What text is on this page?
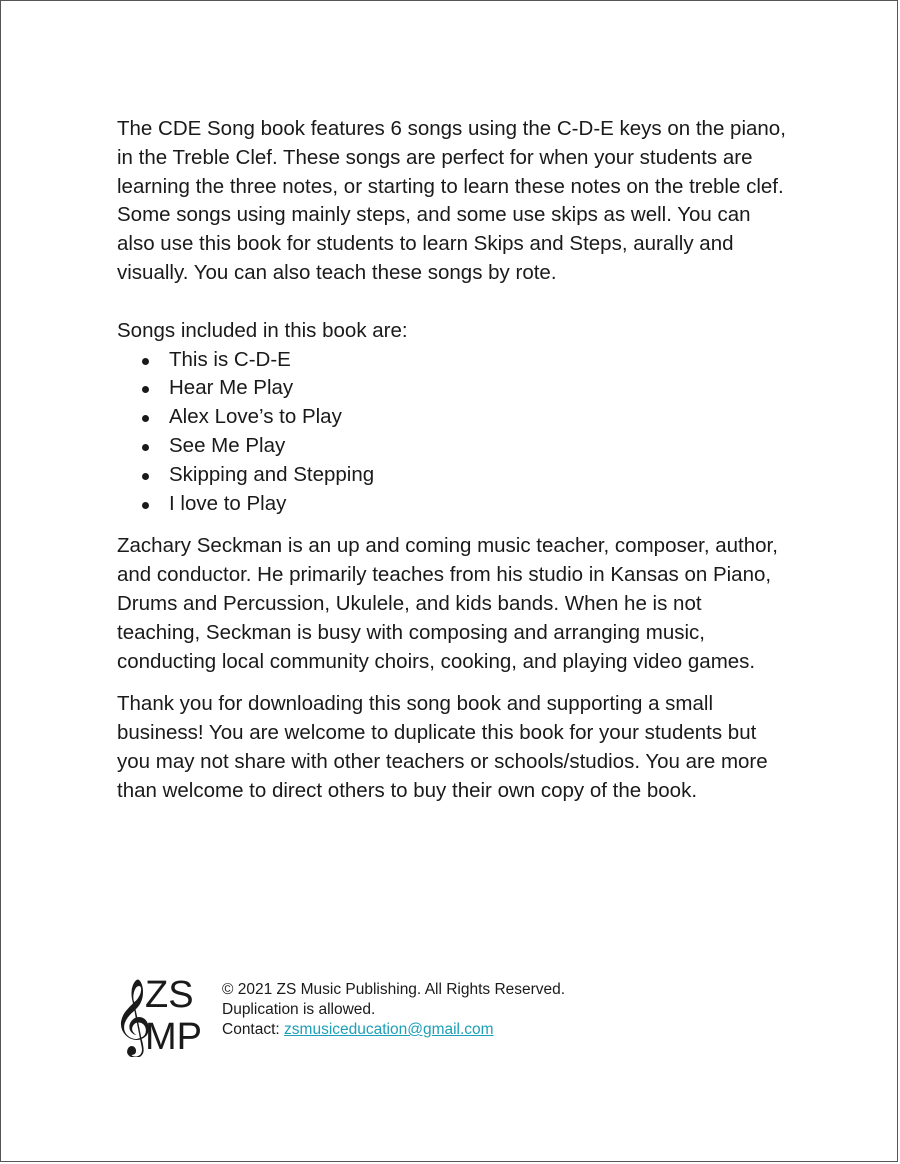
The CDE Song book features 6 songs using the C-D-E keys on the piano, in the Treble Clef. These songs are perfect for when your students are learning the three notes, or starting to learn these notes on the treble clef. Some songs using mainly steps, and some use skips as well. You can also use this book for students to learn Skips and Steps, aurally and visually. You can also teach these songs by rote.

Songs included in this book are:

This is C-D-E
Hear Me Play
Alex Love’s to Play
See Me Play
Skipping and Stepping
I love to Play

Zachary Seckman is an up and coming music teacher, composer, author, and conductor. He primarily teaches from his studio in Kansas on Piano, Drums and Percussion, Ukulele, and kids bands. When he is not teaching, Seckman is busy with composing and arranging music, conducting local community choirs, cooking, and playing video games.

Thank you for downloading this song book and supporting a small business! You are welcome to duplicate this book for your students but you may not share with other teachers or schools/studios. You are more than welcome to direct others to buy their own copy of the book.

𝄞
ZS
MP
© 2021 ZS Music Publishing. All Rights Reserved.
Duplication is allowed.
Contact: zsmusiceducation@gmail.com
